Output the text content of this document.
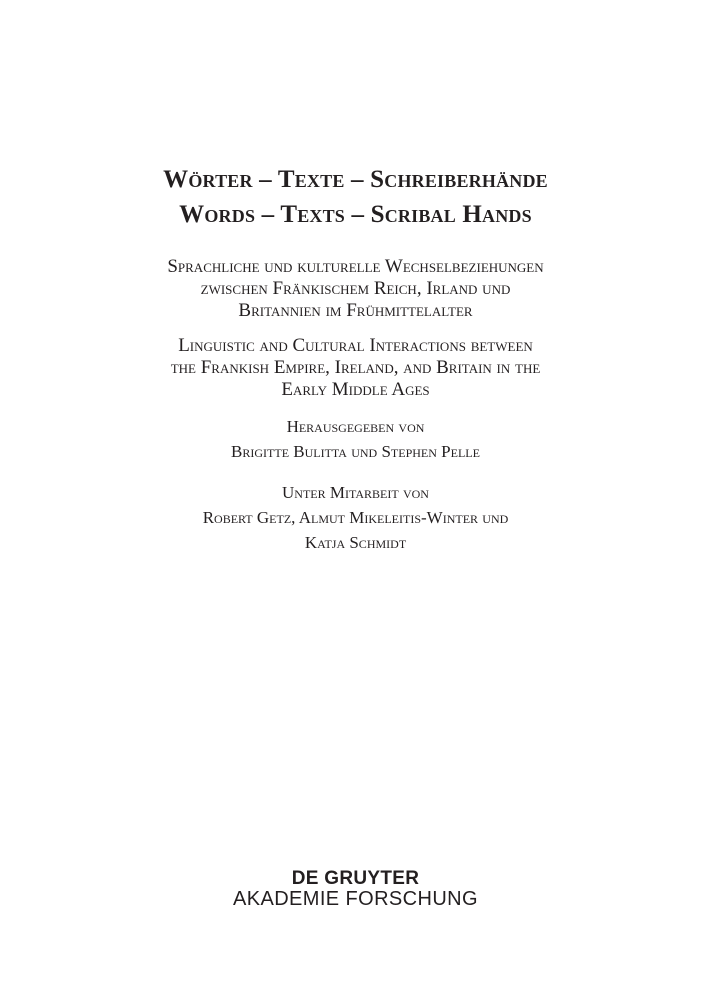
Wörter – Texte – Schreiberhände
Words – Texts – Scribal Hands
Sprachliche und kulturelle Wechselbeziehungen
zwischen Fränkischem Reich, Irland und
Britannien im Frühmittelalter
Linguistic and Cultural Interactions between
the Frankish Empire, Ireland, and Britain in the
Early Middle Ages
Herausgegeben von
Brigitte Bulitta und Stephen Pelle
Unter Mitarbeit von
Robert Getz, Almut Mikeleitis-Winter und
Katja Schmidt
DE GRUYTER
AKADEMIE FORSCHUNG
